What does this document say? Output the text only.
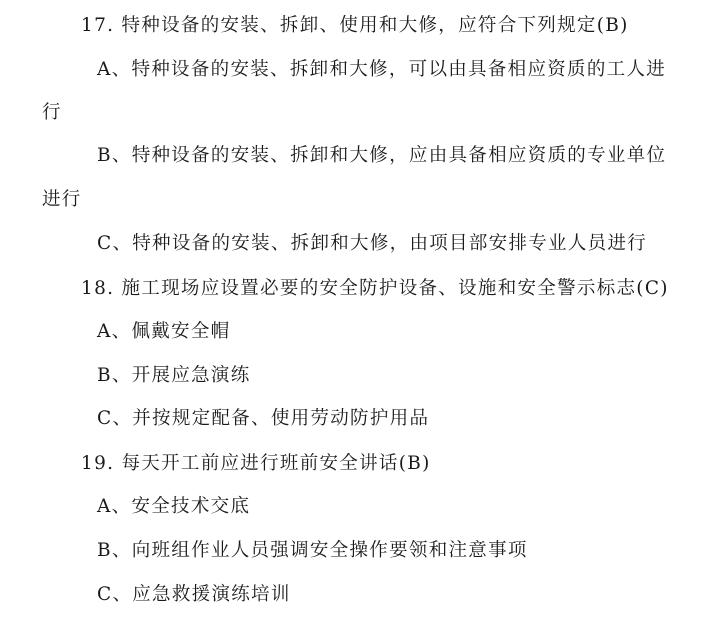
17. 特种设备的安装、拆卸、使用和大修，应符合下列规定(B)
A、特种设备的安装、拆卸和大修，可以由具备相应资质的工人进
行
B、特种设备的安装、拆卸和大修，应由具备相应资质的专业单位
进行
C、特种设备的安装、拆卸和大修，由项目部安排专业人员进行
18. 施工现场应设置必要的安全防护设备、设施和安全警示标志(C)
A、佩戴安全帽
B、开展应急演练
C、并按规定配备、使用劳动防护用品
19. 每天开工前应进行班前安全讲话(B)
A、安全技术交底
B、向班组作业人员强调安全操作要领和注意事项
C、应急救援演练培训
